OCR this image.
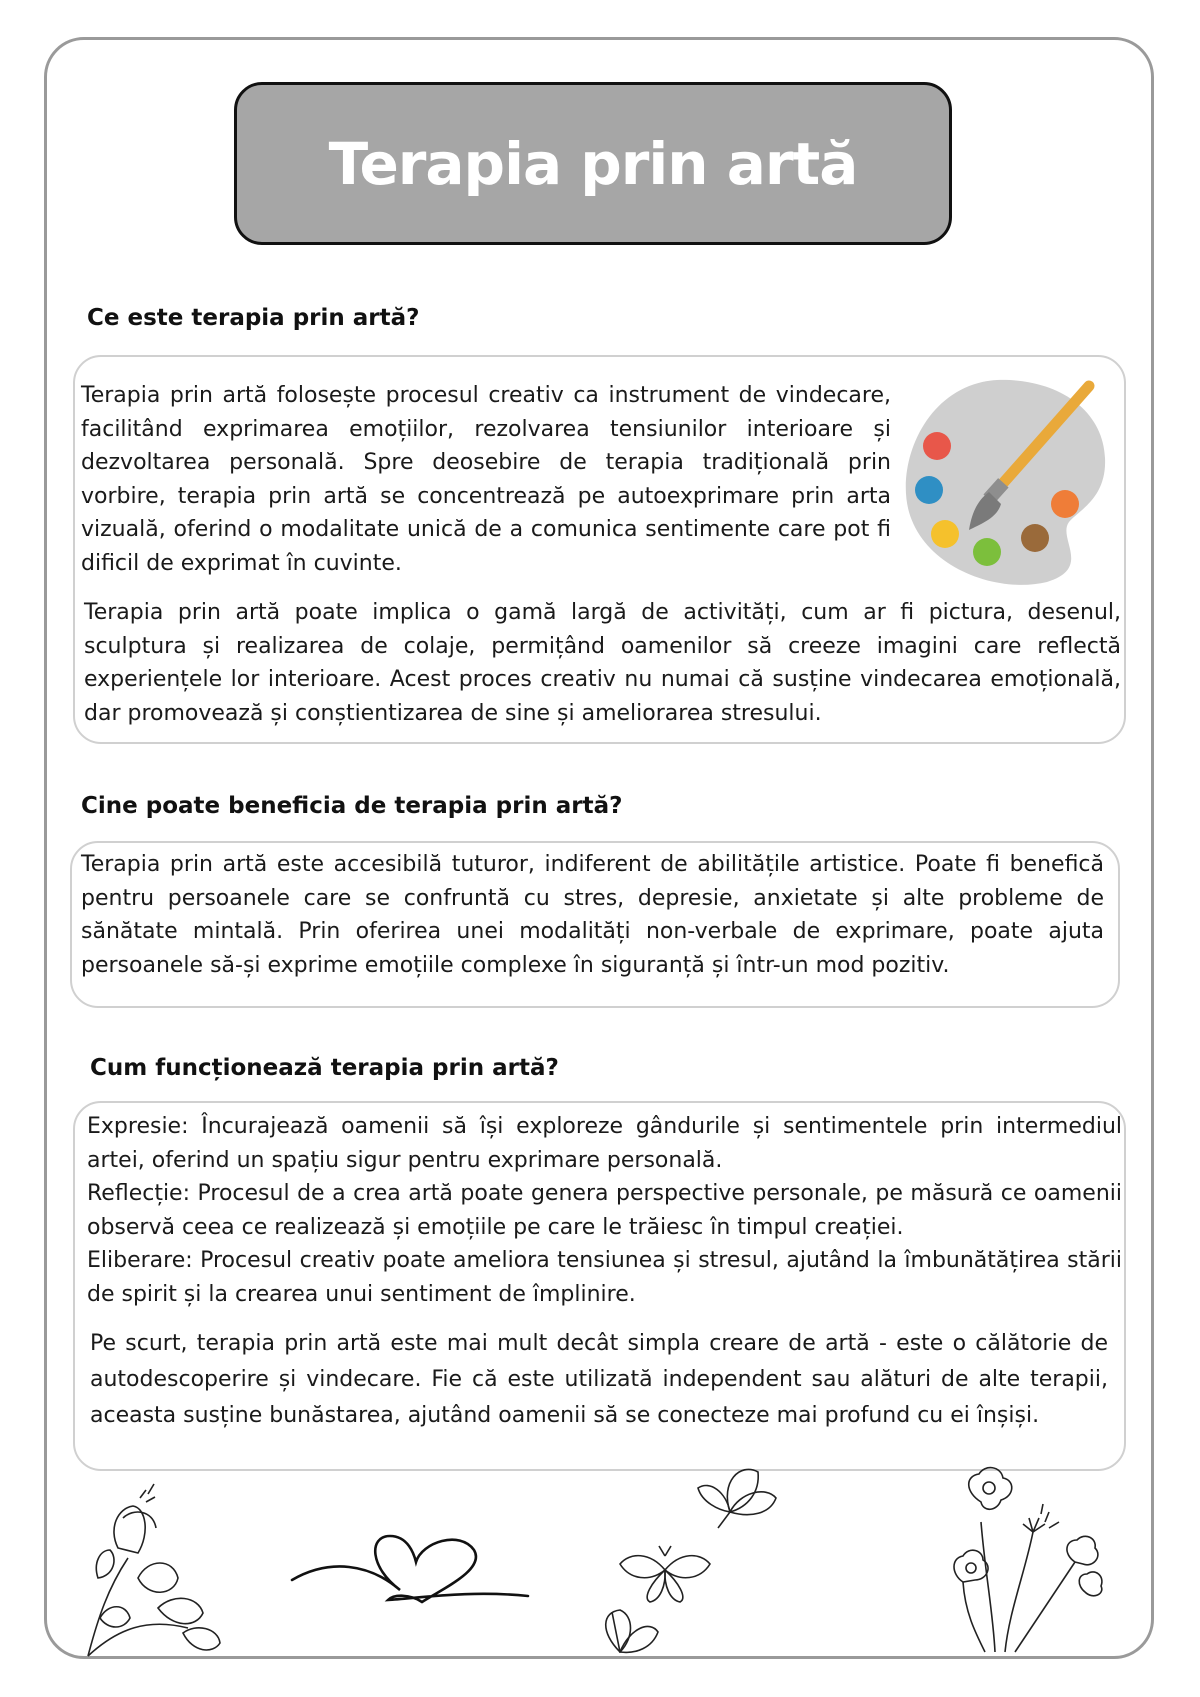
Terapia prin artă
Ce este terapia prin artă?

Terapia prin artă folosește procesul creativ ca instrument de vindecare, facilitând exprimarea emoțiilor, rezolvarea tensiunilor interioare și dezvoltarea personală. Spre deosebire de terapia tradițională prin vorbire, terapia prin artă se concentrează pe autoexprimare prin arta vizuală, oferind o modalitate unică de a comunica sentimente care pot fi dificil de exprimat în cuvinte.

Terapia prin artă poate implica o gamă largă de activități, cum ar fi pictura, desenul, sculptura și realizarea de colaje, permițând oamenilor să creeze imagini care reflectă experiențele lor interioare. Acest proces creativ nu numai că susține vindecarea emoțională, dar promovează și conștientizarea de sine și ameliorarea stresului.

Cine poate beneficia de terapia prin artă?

Terapia prin artă este accesibilă tuturor, indiferent de abilitățile artistice. Poate fi benefică pentru persoanele care se confruntă cu stres, depresie, anxietate și alte probleme de sănătate mintală. Prin oferirea unei modalități non-verbale de exprimare, poate ajuta persoanele să-și exprime emoțiile complexe în siguranță și într-un mod pozitiv.

Cum funcționează terapia prin artă?

Expresie: Încurajează oamenii să își exploreze gândurile și sentimentele prin intermediul artei, oferind un spațiu sigur pentru exprimare personală.

Reflecție: Procesul de a crea artă poate genera perspective personale, pe măsură ce oamenii observă ceea ce realizează și emoțiile pe care le trăiesc în timpul creației.

Eliberare: Procesul creativ poate ameliora tensiunea și stresul, ajutând la îmbunătățirea stării de spirit și la crearea unui sentiment de împlinire.

Pe scurt, terapia prin artă este mai mult decât simpla creare de artă - este o călătorie de autodescoperire și vindecare. Fie că este utilizată independent sau alături de alte terapii, aceasta susține bunăstarea, ajutând oamenii să se conecteze mai profund cu ei înșiși.
